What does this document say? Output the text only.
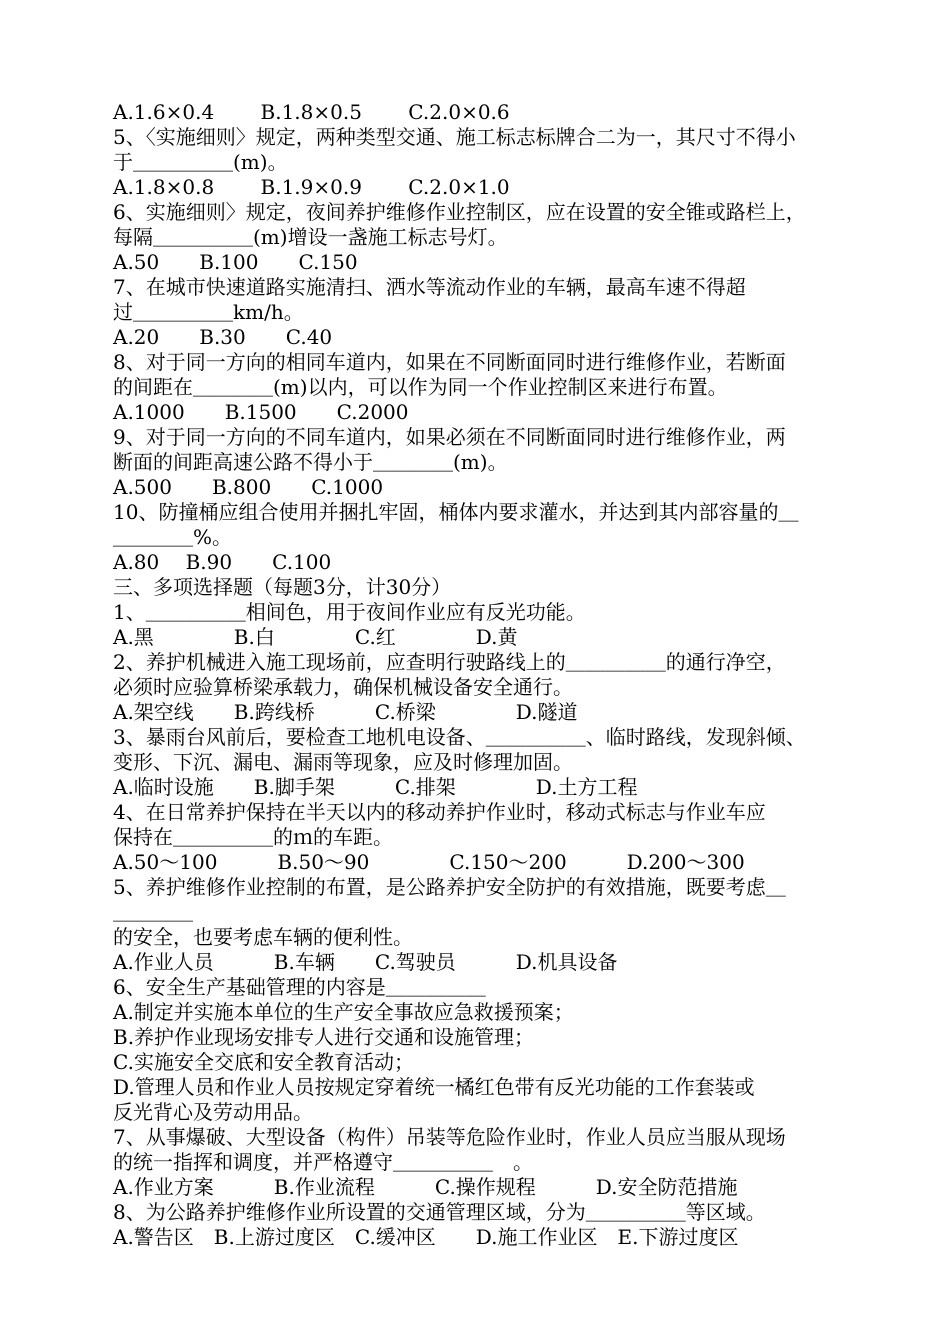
A.1.6×0.4　　 B.1.8×0.5　　 C.2.0×0.6
5、〈实施细则〉规定，两种类型交通、施工标志标牌合二为一，其尺寸不得小
于＿＿＿＿＿(m)。
A.1.8×0.8　　 B.1.9×0.9　　 C.2.0×1.0
6、实施细则〉规定，夜间养护维修作业控制区，应在设置的安全锥或路栏上，
每隔＿＿＿＿＿(m)增设一盏施工标志号灯。
A.50　　B.100　　C.150
7、在城市快速道路实施清扫、洒水等流动作业的车辆，最高车速不得超
过＿＿＿＿＿km/h。
A.20　　B.30　　C.40
8、对于同一方向的相同车道内，如果在不同断面同时进行维修作业，若断面
的间距在＿＿＿＿(m)以内，可以作为同一个作业控制区来进行布置。
A.1000　　B.1500　　C.2000
9、对于同一方向的不同车道内，如果必须在不同断面同时进行维修作业，两
断面的间距高速公路不得小于＿＿＿＿(m)。
A.500　　B.800　　C.1000
10、防撞桶应组合使用并捆扎牢固，桶体内要求灌水，并达到其内部容量的＿
＿＿＿＿%。
A.80　 B.90　　C.100
三、多项选择题（每题3分，计30分）
1、＿＿＿＿＿相间色，用于夜间作业应有反光功能。
A.黑　　　　B.白　　　　C.红　　　　D.黄
2、养护机械进入施工现场前，应查明行驶路线上的＿＿＿＿＿的通行净空，
必须时应验算桥梁承载力，确保机械设备安全通行。
A.架空线　　B.跨线桥　　　C.桥梁　　　　D.隧道
3、暴雨台风前后，要检查工地机电设备、＿＿＿＿＿、临时路线，发现斜倾、
变形、下沉、漏电、漏雨等现象，应及时修理加固。
A.临时设施　　B.脚手架　　　C.排架　　　　D.土方工程
4、在日常养护保持在半天以内的移动养护作业时，移动式标志与作业车应
保持在＿＿＿＿＿的ｍ的车距。
A.50～100　　　B.50～90　　　　C.150～200　　　D.200～300
5、养护维修作业控制的布置，是公路养护安全防护的有效措施，既要考虑＿
＿＿＿＿
的安全，也要考虑车辆的便利性。
A.作业人员　　　B.车辆　　C.驾驶员　　　D.机具设备
6、安全生产基础管理的内容是＿＿＿＿＿
A.制定并实施本单位的生产安全事故应急救援预案；
B.养护作业现场安排专人进行交通和设施管理；
C.实施安全交底和安全教育活动；
D.管理人员和作业人员按规定穿着统一橘红色带有反光功能的工作套装或
反光背心及劳动用品。
7、从事爆破、大型设备（构件）吊装等危险作业时，作业人员应当服从现场
的统一指挥和调度，并严格遵守＿＿＿＿＿　。
A.作业方案　　　B.作业流程　　　C.操作规程　　　D.安全防范措施
8、为公路养护维修作业所设置的交通管理区域，分为＿＿＿＿＿等区域。
A.警告区　B.上游过度区　C.缓冲区　　D.施工作业区　E.下游过度区
